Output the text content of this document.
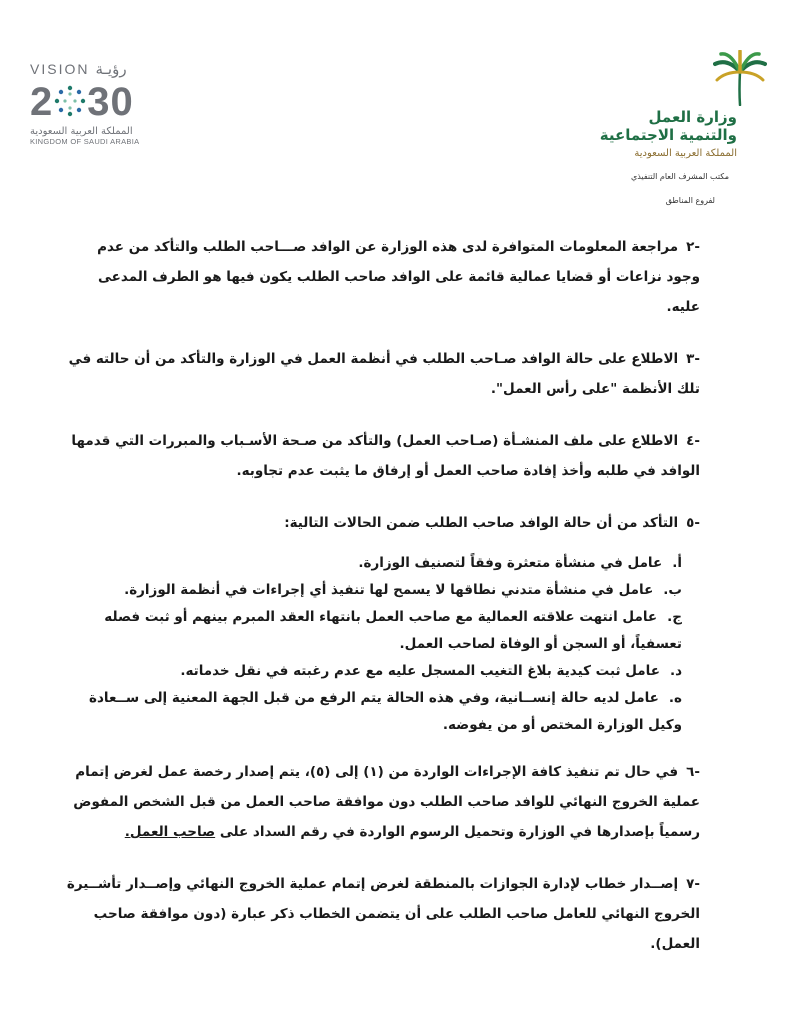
VISION رؤيـة
2 30
المملكة العربية السعودية
KINGDOM OF SAUDI ARABIA
وزارة العمل
والتنمية الاجتماعية
المملكة العربية السعودية
مكتب المشرف العام التنفيذي
لفروع المناطق

-٢مراجعة المعلومات المتوافرة لدى هذه الوزارة عن الوافد صـــاحب الطلب والتأكد من عدم وجود نزاعات أو قضايا عمالية قائمة على الوافد صاحب الطلب يكون فيها هو الطرف المدعى عليه.

-٣الاطلاع على حالة الوافد صـاحب الطلب في أنظمة العمل في الوزارة والتأكد من أن حالته في تلك الأنظمة "على رأس العمل".

-٤الاطلاع على ملف المنشـأة (صـاحب العمل) والتأكد من صـحة الأسـباب والمبررات التي قدمها الوافد في طلبه وأخذ إفادة صاحب العمل أو إرفاق ما يثبت عدم تجاوبه.

-٥التأكد من أن حالة الوافد صاحب الطلب ضمن الحالات التالية:

أ.عامل في منشأة متعثرة وفقاً لتصنيف الوزارة.

ب.عامل في منشأة متدني نطاقها لا يسمح لها تنفيذ أي إجراءات في أنظمة الوزارة.

ج.عامل انتهت علاقته العمالية مع صاحب العمل بانتهاء العقد المبرم بينهم أو ثبت فصله تعسفياً، أو السجن أو الوفاة لصاحب العمل.

د.عامل ثبت كيدية بلاغ التغيب المسجل عليه مع عدم رغبته في نقل خدماته.

ه.عامل لديه حالة إنســانية، وفي هذه الحالة يتم الرفع من قبل الجهة المعنية إلى ســعادة وكيل الوزارة المختص أو من يفوضه.

-٦في حال تم تنفيذ كافة الإجراءات الواردة من (١) إلى (٥)، يتم إصدار رخصة عمل لغرض إتمام عملية الخروج النهائي للوافد صاحب الطلب دون موافقة صاحب العمل من قبل الشخص المفوض رسمياً بإصدارها في الوزارة وتحميل الرسوم الواردة في رقم السداد على صاحب العمل.

-٧إصــدار خطاب لإدارة الجوازات بالمنطقة لغرض إتمام عملية الخروج النهائي وإصــدار تأشــيرة الخروج النهائي للعامل صاحب الطلب على أن يتضمن الخطاب ذكر عبارة (دون موافقة صاحب العمل).
